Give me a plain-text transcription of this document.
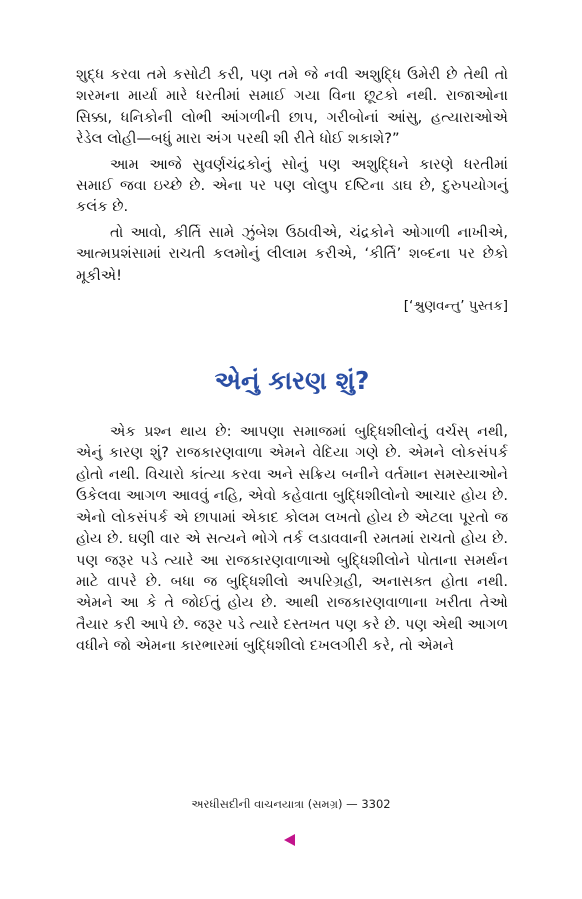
શુદ્ધ કરવા તમે કસોટી કરી, પણ તમે જે નવી અશુદ્ધિ ઉમેરી છે તેથી તો શરમના માર્યા મારે ધરતીમાં સમાઈ ગયા વિના છૂટકો નથી. રાજાઓના સિક્કા, ધનિકોની લોભી આંગળીની છાપ, ગરીબોનાં આંસુ, હત્યારાઓએ રેડેલ લોહી—બધું મારા અંગ પરથી શી રીતે ધોઈ શકાશે?”

આમ આજે સુવર્ણચંદ્રકોનું સોનું પણ અશુદ્ધિને કારણે ધરતીમાં સમાઈ જવા ઇચ્છે છે. એના પર પણ લોલુપ દષ્ટિના ડાઘ છે, દુરુપયોગનું કલંક છે.

તો આવો, કીર્તિ સામે ઝુંબેશ ઉઠાવીએ, ચંદ્રકોને ઓગાળી નાખીએ, આત્મપ્રશંસામાં રાચતી કલમોનું લીલામ કરીએ, ‘કીર્તિ’ શબ્દના પર છેકો મૂકીએ!

[‘શ્રુણવન્તુ’ પુસ્તક]

એનું કારણ શું?

એક પ્રશ્ન થાય છે: આપણા સમાજમાં બુદ્ધિશીલોનું વર્ચસ્ નથી, એનું કારણ શું? રાજકારણવાળા એમને વેદિયા ગણે છે. એમને લોકસંપર્ક હોતો નથી. વિચારો કાંત્યા કરવા અને સક્રિય બનીને વર્તમાન સમસ્યાઓને ઉકેલવા આગળ આવવું નહિ, એવો કહેવાતા બુદ્ધિશીલોનો આચાર હોય છે. એનો લોકસંપર્ક એ છાપામાં એકાદ કોલમ લખતો હોય છે એટલા પૂરતો જ હોય છે. ઘણી વાર એ સત્યને ભોગે તર્ક લડાવવાની રમતમાં રાચતો હોય છે. પણ જરૂર પડે ત્યારે આ રાજકારણવાળાઓ બુદ્ધિશીલોને પોતાના સમર્થન માટે વાપરે છે. બધા જ બુદ્ધિશીલો અપરિગ્રહી, અનાસક્ત હોતા નથી. એમને આ કે તે જોઈતું હોય છે. આથી રાજકારણવાળાના ખરીતા તેઓ તૈયાર કરી આપે છે. જરૂર પડે ત્યારે દસ્તખત પણ કરે છે. પણ એથી આગળ વધીને જો એમના કારભારમાં બુદ્ધિશીલો દખલગીરી કરે, તો એમને

અરધીસદીની વાચનયાત્રા (સમગ્ર) — 3302
